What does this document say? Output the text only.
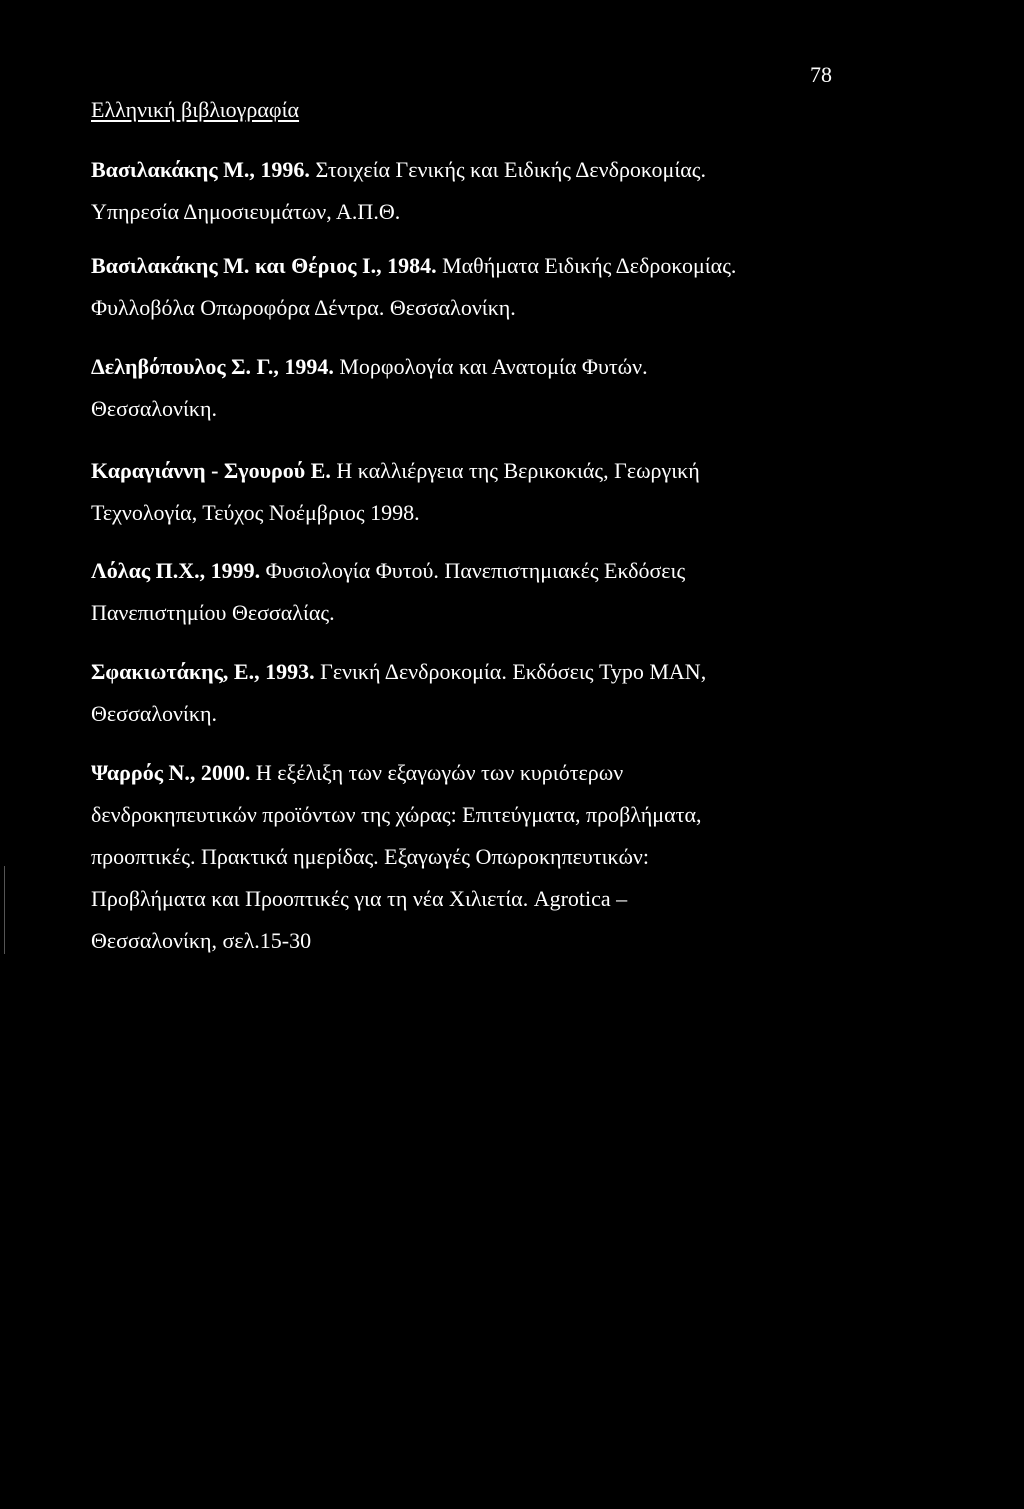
78
Ελληνική βιβλιογραφία
Βασιλακάκης Μ., 1996. Στοιχεία Γενικής και Ειδικής Δενδροκομίας.
Υπηρεσία Δημοσιευμάτων, Α.Π.Θ.
Βασιλακάκης Μ. και Θέριος Ι., 1984. Μαθήματα Ειδικής Δεδροκομίας.
Φυλλοβόλα Οπωροφόρα Δέντρα. Θεσσαλονίκη.
Δεληβόπουλος Σ. Γ., 1994. Μορφολογία και Ανατομία Φυτών.
Θεσσαλονίκη.
Καραγιάννη - Σγουρού Ε. Η καλλιέργεια της Βερικοκιάς, Γεωργική
Τεχνολογία, Τεύχος Νοέμβριος 1998.
Λόλας Π.Χ., 1999. Φυσιολογία Φυτού. Πανεπιστημιακές Εκδόσεις
Πανεπιστημίου Θεσσαλίας.
Σφακιωτάκης, Ε., 1993. Γενική Δενδροκομία. Εκδόσεις Typo MAN,
Θεσσαλονίκη.
Ψαρρός Ν., 2000. Η εξέλιξη των εξαγωγών των κυριότερων
δενδροκηπευτικών προϊόντων της χώρας: Επιτεύγματα, προβλήματα,
προοπτικές. Πρακτικά ημερίδας. Εξαγωγές Οπωροκηπευτικών:
Προβλήματα και Προοπτικές για τη νέα Χιλιετία. Agrotica –
Θεσσαλονίκη, σελ.15-30
